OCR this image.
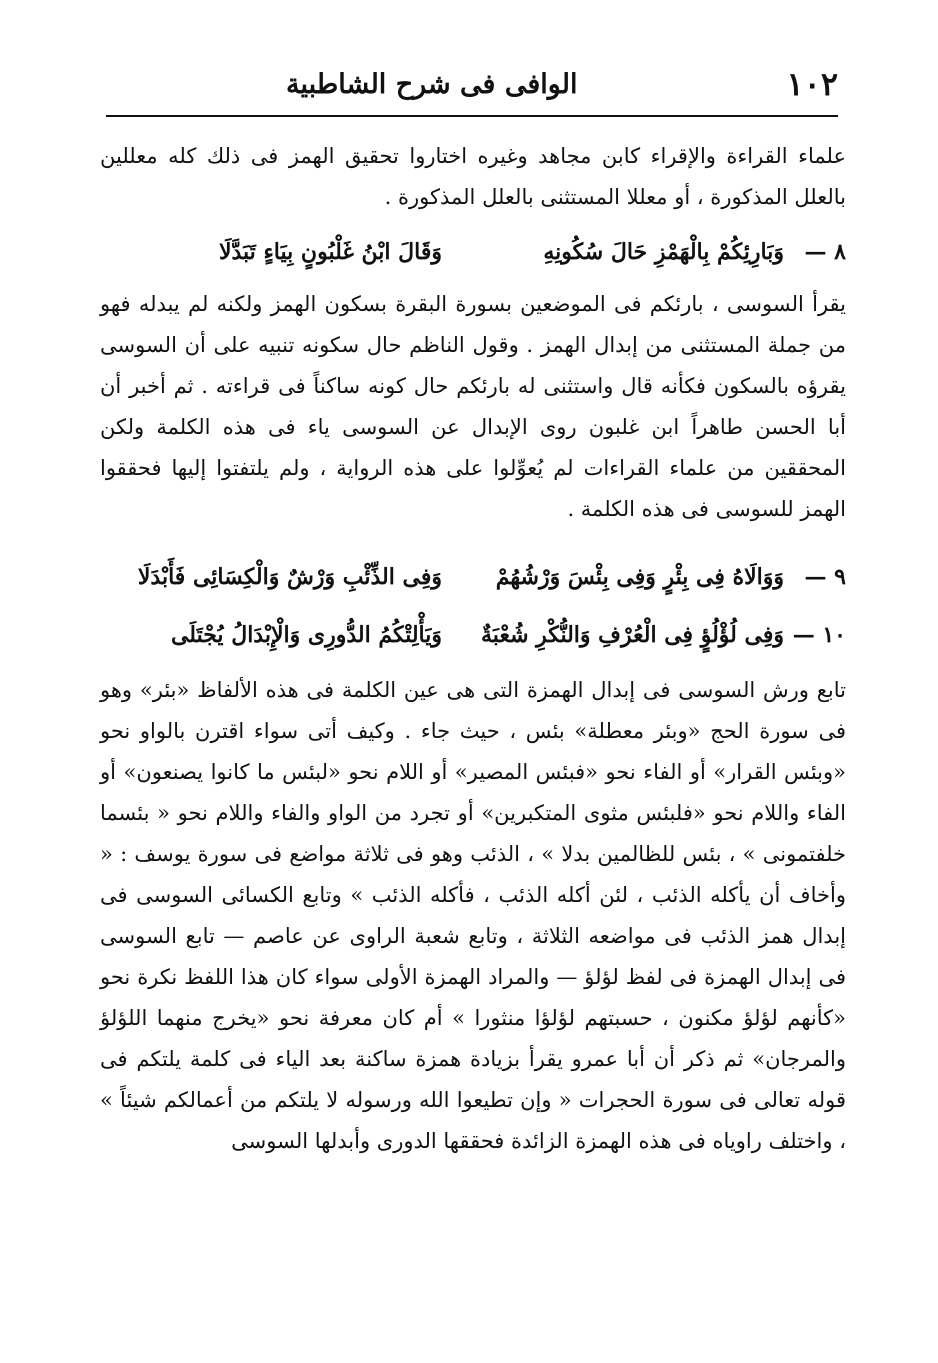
١٠٢
الوافى فى شرح الشاطبية

علماء القراءة والإقراء كابن مجاهد وغيره اختاروا تحقيق الهمز فى ذلك كله معللين بالعلل المذكورة ، أو معللا المستثنى بالعلل المذكورة .

٨ —
وَبَارِئِكُمْ بِالْهَمْزِ حَالَ سُكُونِهِ
وَقَالَ ابْنُ غَلْبُونٍ بِيَاءٍ تَبَدَّلَا

يقرأ السوسى ، بارئكم فى الموضعين بسورة البقرة بسكون الهمز ولكنه لم يبدله فهو من جملة المستثنى من إبدال الهمز . وقول الناظم حال سكونه تنبيه على أن السوسى يقرؤه بالسكون فكأنه قال واستثنى له بارئكم حال كونه ساكناً فى قراءته . ثم أخبر أن أبا الحسن طاهراً ابن غلبون روى الإبدال عن السوسى ياء فى هذه الكلمة ولكن المحققين من علماء القراءات لم يُعوِّلوا على هذه الرواية ، ولم يلتفتوا إليها فحققوا الهمز للسوسى فى هذه الكلمة .

٩ —
وَوَالَاهُ فِى بِئْرٍ وَفِى بِئْسَ وَرْشُهُمْ
وَفِى الذِّئْبِ وَرْشٌ وَالْكِسَائِى فَأَبْدَلَا
١٠ —
وَفِى لُؤْلُؤٍ فِى الْعُرْفِ وَالنُّكْرِ شُعْبَةٌ
وَيَأْلِتْكُمُ الدُّورِى وَالْإِبْدَالُ يُجْتَلَى

تابع ورش السوسى فى إبدال الهمزة التى هى عين الكلمة فى هذه الألفاظ «بئر» وهو فى سورة الحج «وبئر معطلة» بئس ، حيث جاء . وكيف أتى سواء اقترن بالواو نحو «وبئس القرار» أو الفاء نحو «فبئس المصير» أو اللام نحو «لبئس ما كانوا يصنعون» أو الفاء واللام نحو «فلبئس مثوى المتكبرين» أو تجرد من الواو والفاء واللام نحو « بئسما خلفتمونى » ، بئس للظالمين بدلا » ، الذئب وهو فى ثلاثة مواضع فى سورة يوسف : « وأخاف أن يأكله الذئب ، لئن أكله الذئب ، فأكله الذئب » وتابع الكسائى السوسى فى إبدال همز الذئب فى مواضعه الثلاثة ، وتابع شعبة الراوى عن عاصم — تابع السوسى فى إبدال الهمزة فى لفظ لؤلؤ — والمراد الهمزة الأولى سواء كان هذا اللفظ نكرة نحو «كأنهم لؤلؤ مكنون ، حسبتهم لؤلؤا منثورا » أم كان معرفة نحو «يخرج منهما اللؤلؤ والمرجان» ثم ذكر أن أبا عمرو يقرأ بزيادة همزة ساكنة بعد الياء فى كلمة يلتكم فى قوله تعالى فى سورة الحجرات « وإن تطيعوا الله ورسوله لا يلتكم من أعمالكم شيئاً » ، واختلف راوياه فى هذه الهمزة الزائدة فحققها الدورى وأبدلها السوسى
